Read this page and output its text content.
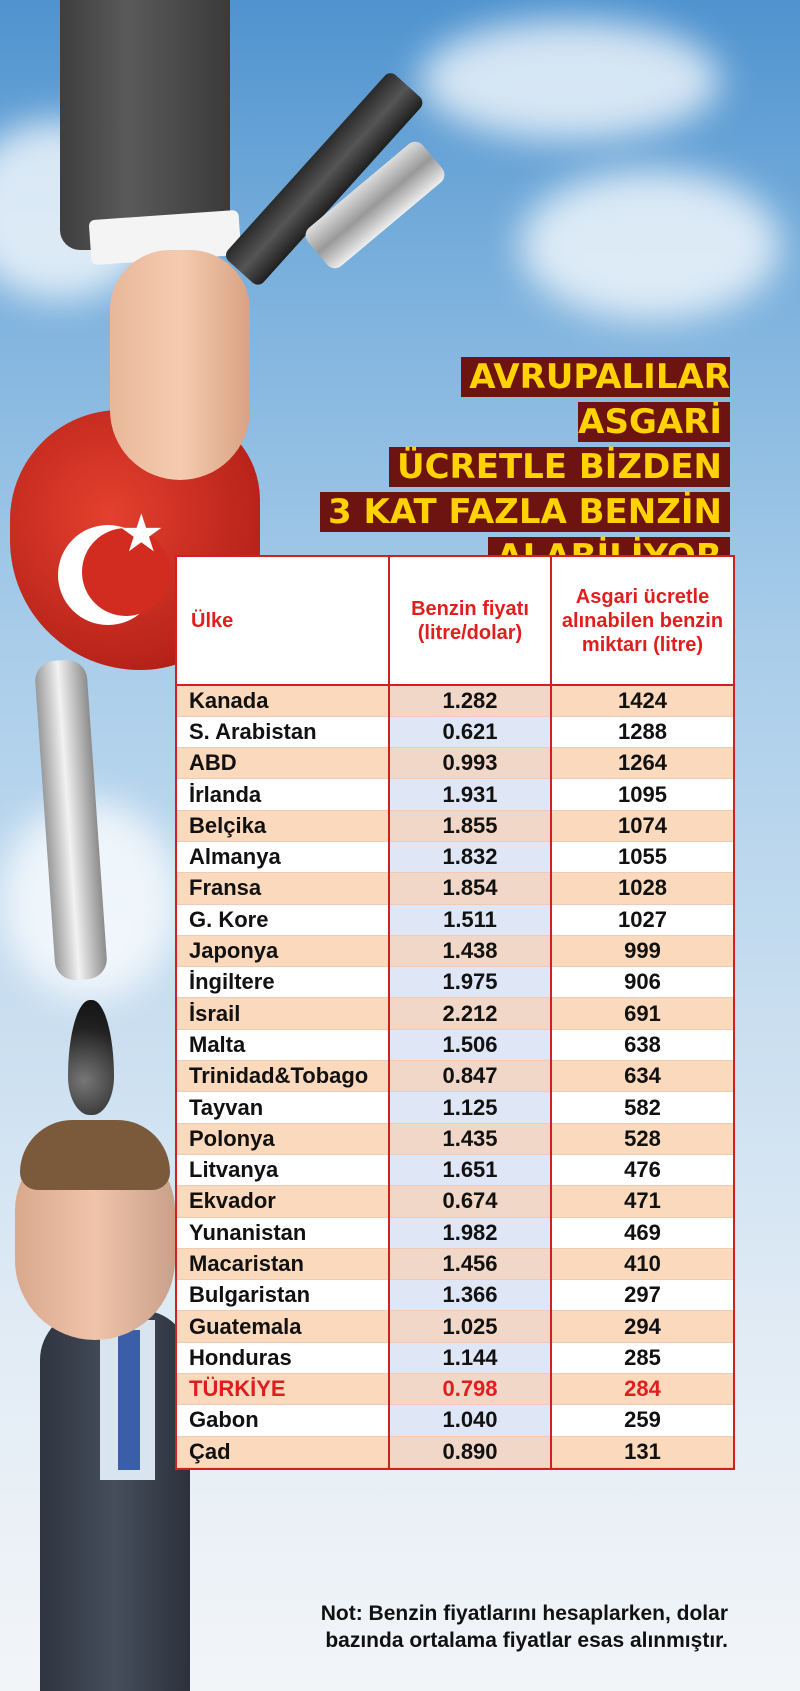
★
AVRUPALILAR ASGARİ
ÜCRETLE BİZDEN
3 KAT FAZLA BENZİN
Ülke	Benzin fiyatı (litre/dolar)	Asgari ücretle alınabilen benzin miktarı (litre)
Kanada	1.282	1424
S. Arabistan	0.621	1288
ABD	0.993	1264
İrlanda	1.931	1095
Belçika	1.855	1074
Almanya	1.832	1055
Fransa	1.854	1028
G. Kore	1.511	1027
Japonya	1.438	999
İngiltere	1.975	906
İsrail	2.212	691
Malta	1.506	638
Trinidad&Tobago	0.847	634
Tayvan	1.125	582
Polonya	1.435	528
Litvanya	1.651	476
Ekvador	0.674	471
Yunanistan	1.982	469
Macaristan	1.456	410
Bulgaristan	1.366	297
Guatemala	1.025	294
Honduras	1.144	285
TÜRKİYE	0.798	284
Gabon	1.040	259
Çad	0.890	131
Not: Benzin fiyatlarını hesaplarken, dolar bazında ortalama fiyatlar esas alınmıştır.
